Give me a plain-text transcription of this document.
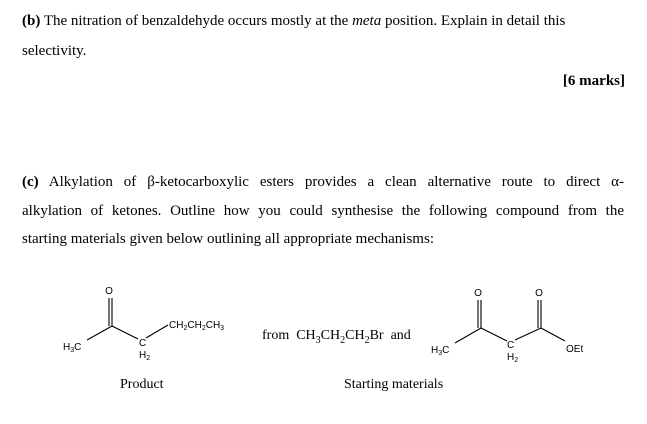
(b) The nitration of benzaldehyde occurs mostly at the meta position. Explain in detail this
selectivity.
[6 marks]
(c) Alkylation of β-ketocarboxylic esters provides a clean alternative route to direct α-
alkylation of ketones. Outline how you could synthesise the following compound from the
starting materials given below outlining all appropriate mechanisms:
O
$H_3C$	C
$H_2$
$CH_2CH_2CH_3$	from $CH_3CH_2CH_2Br$ and
O	O
$H_3C$	C
$H_2$
OEt
Product	Starting materials
